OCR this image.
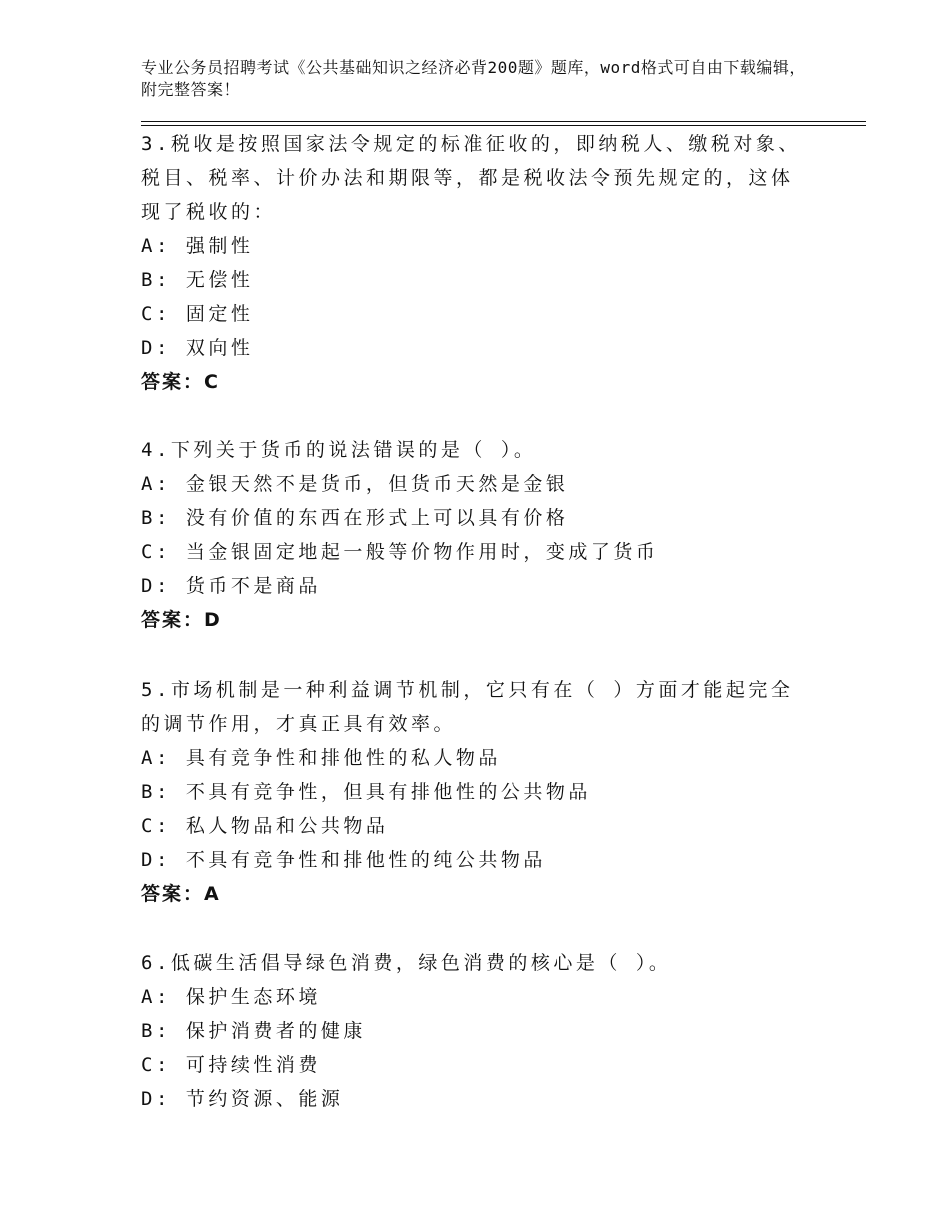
专业公务员招聘考试《公共基础知识之经济必背200题》题库，word格式可自由下载编辑，附完整答案！
3.税收是按照国家法令规定的标准征收的，即纳税人、缴税对象、税目、税率、计价办法和期限等，都是税收法令预先规定的，这体现了税收的：
A: 强制性
B: 无偿性
C: 固定性
D: 双向性
答案：C
4.下列关于货币的说法错误的是（ ）。
A: 金银天然不是货币，但货币天然是金银
B: 没有价值的东西在形式上可以具有价格
C: 当金银固定地起一般等价物作用时，变成了货币
D: 货币不是商品
答案：D
5.市场机制是一种利益调节机制，它只有在（ ）方面才能起完全的调节作用，才真正具有效率。
A: 具有竞争性和排他性的私人物品
B: 不具有竞争性，但具有排他性的公共物品
C: 私人物品和公共物品
D: 不具有竞争性和排他性的纯公共物品
答案：A
6.低碳生活倡导绿色消费，绿色消费的核心是（ ）。
A: 保护生态环境
B: 保护消费者的健康
C: 可持续性消费
D: 节约资源、能源
